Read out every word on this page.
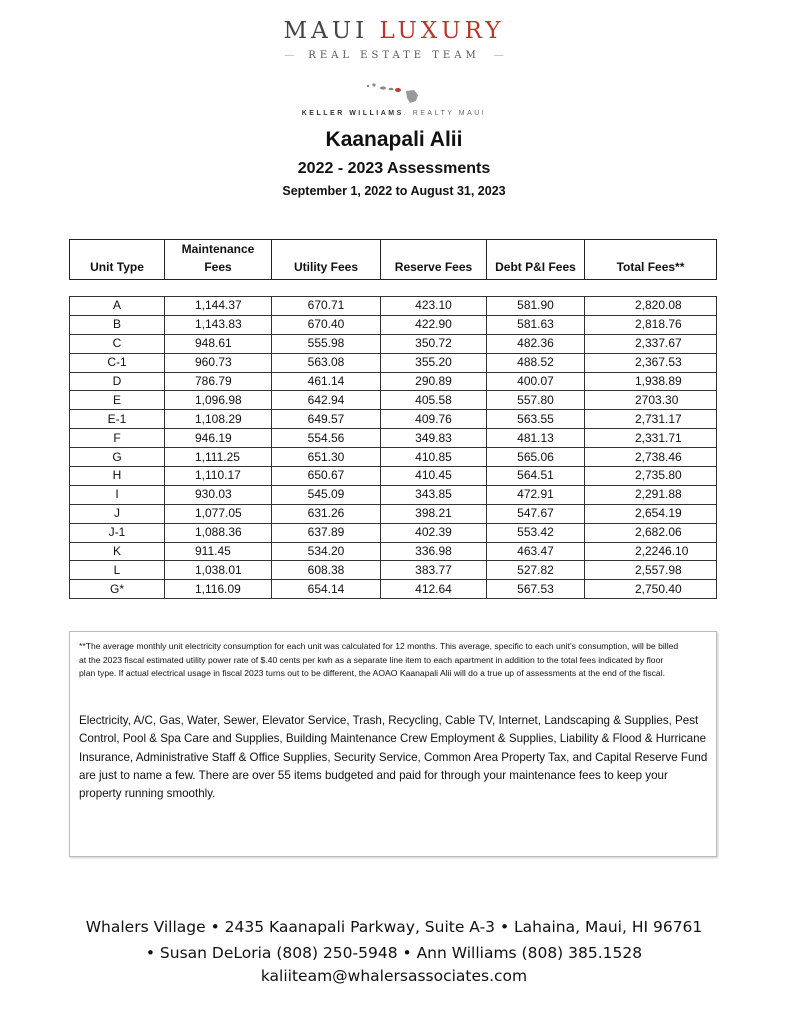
MAUI LUXURY
— REAL ESTATE TEAM —
KELLER WILLIAMS. REALTY MAUI
Kaanapali Alii
2022 - 2023 Assessments
September 1, 2022 to August 31, 2023
Unit Type	Maintenance Fees	Utility Fees	Reserve Fees	Debt P&I Fees	Total Fees**
A	1,144.37	670.71	423.10	581.90	2,820.08
B	1,143.83	670.40	422.90	581.63	2,818.76
C	948.61	555.98	350.72	482.36	2,337.67
C-1	960.73	563.08	355.20	488.52	2,367.53
D	786.79	461.14	290.89	400.07	1,938.89
E	1,096.98	642.94	405.58	557.80	2703.30
E-1	1,108.29	649.57	409.76	563.55	2,731.17
F	946.19	554.56	349.83	481.13	2,331.71
G	1,111.25	651.30	410.85	565.06	2,738.46
H	1,110.17	650.67	410.45	564.51	2,735.80
I	930.03	545.09	343.85	472.91	2,291.88
J	1,077.05	631.26	398.21	547.67	2,654.19
J-1	1,088.36	637.89	402.39	553.42	2,682.06
K	911.45	534.20	336.98	463.47	2,2246.10
L	1,038.01	608.38	383.77	527.82	2,557.98
G*	1,116.09	654.14	412.64	567.53	2,750.40

**The average monthly unit electricity consumption for each unit was calculated for 12 months. This average, specific to each unit’s consumption, will be billed at the 2023 fiscal estimated utility power rate of $.40 cents per kwh as a separate line item to each apartment in addition to the total fees indicated by floor plan type. If actual electrical usage in fiscal 2023 turns out to be different, the AOAO Kaanapali Alii will do a true up of assessments at the end of the fiscal.

Electricity, A/C, Gas, Water, Sewer, Elevator Service, Trash, Recycling, Cable TV, Internet, Landscaping & Supplies, Pest Control, Pool & Spa Care and Supplies, Building Maintenance Crew Employment & Supplies, Liability & Flood & Hurricane Insurance, Administrative Staff & Office Supplies, Security Service, Common Area Property Tax, and Capital Reserve Fund are just to name a few. There are over 55 items budgeted and paid for through your maintenance fees to keep your property running smoothly.

Whalers Village • 2435 Kaanapali Parkway, Suite A-3 • Lahaina, Maui, HI 96761
• Susan DeLoria (808) 250-5948 • Ann Williams (808) 385.1528
kaliiteam@whalersassociates.com
